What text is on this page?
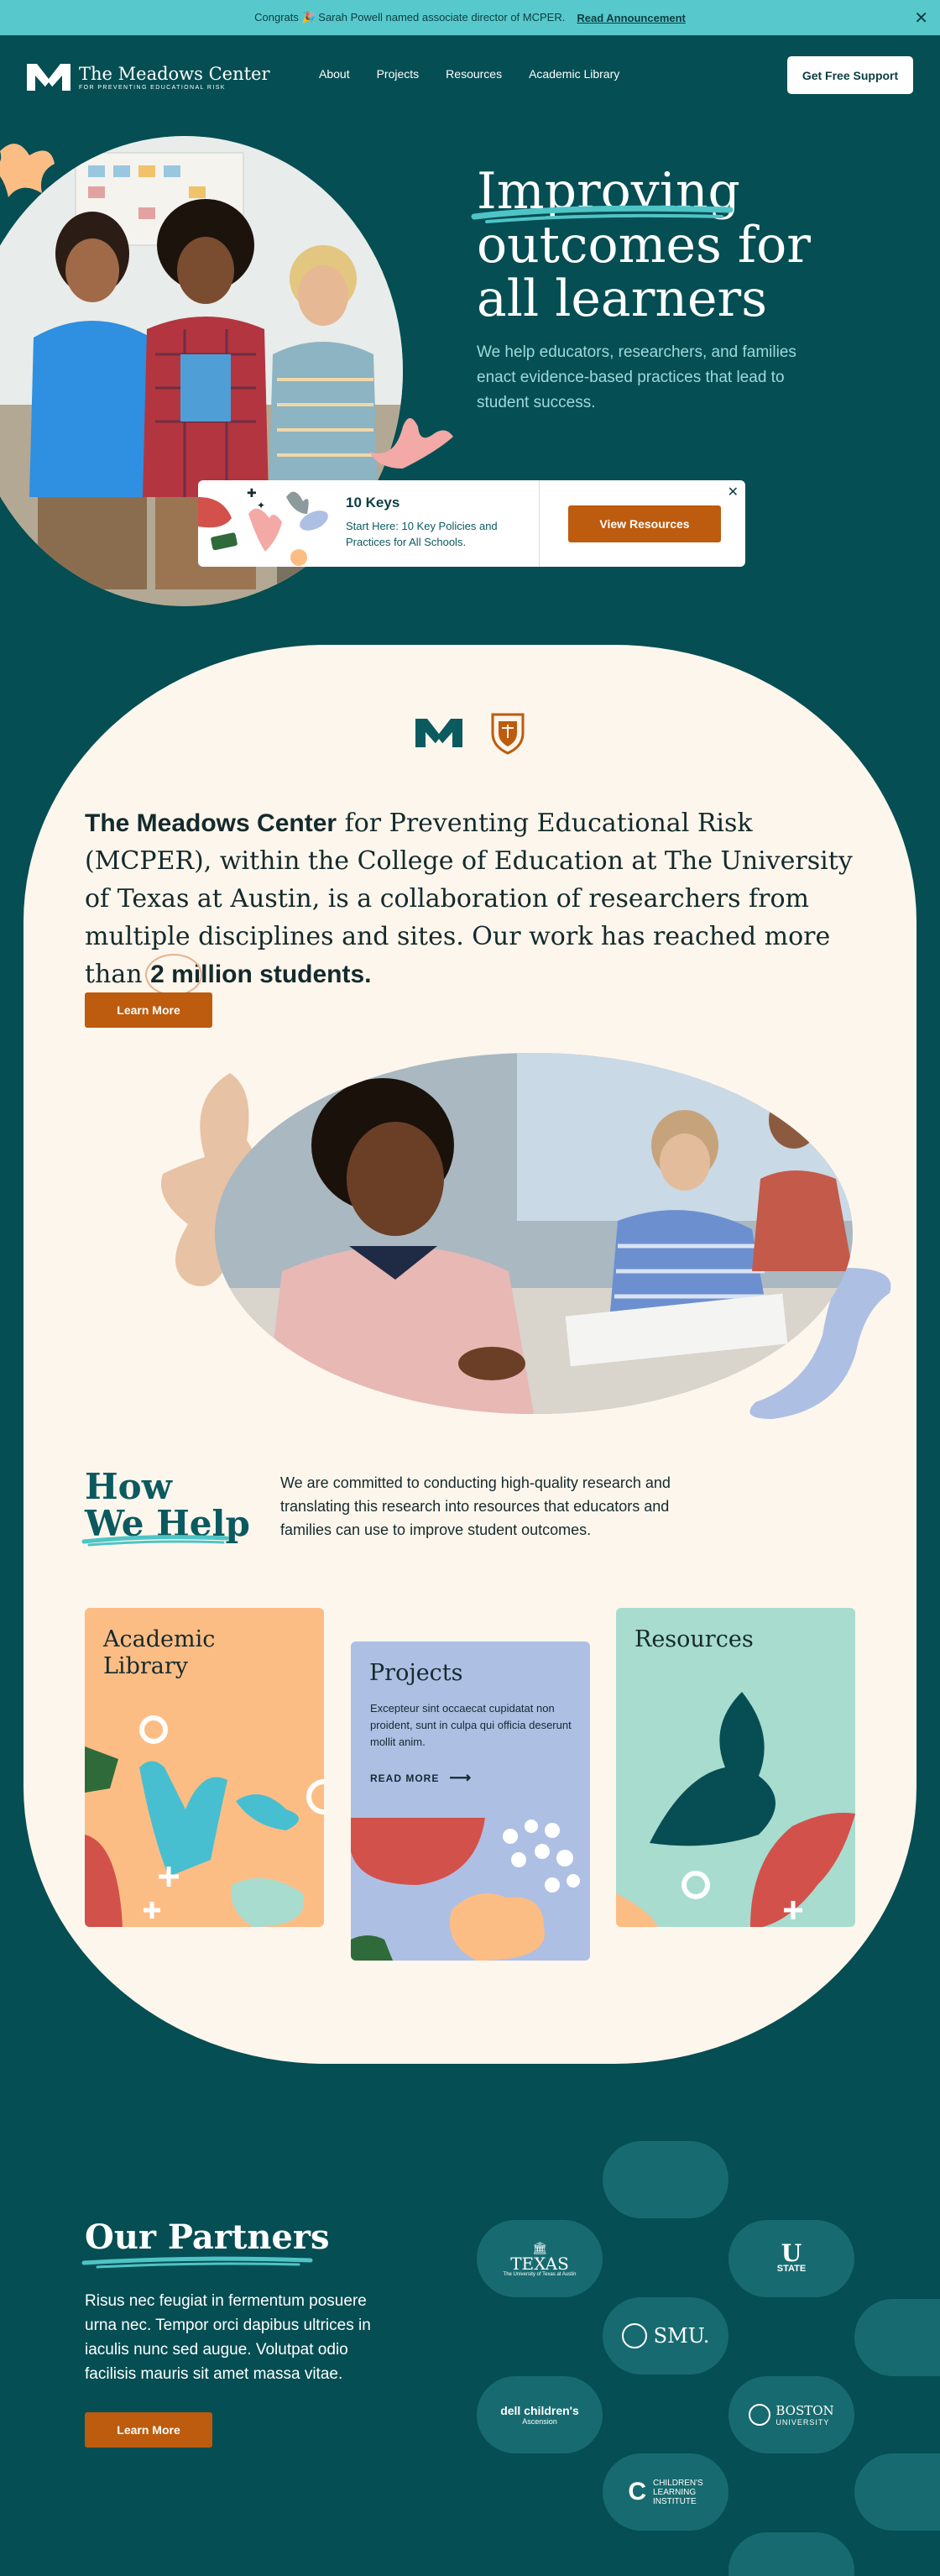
Congrats 🎉 Sarah Powell named associate director of MCPER. Read Announcement	✕
The Meadows Center
FOR PREVENTING EDUCATIONAL RISK
About Projects Resources Academic Library	Get Free Support
Improving
outcomes for
all learners

We help educators, researchers, and families enact evidence-based practices that lead to student success.

✚
✦	10 Keys
Start Here: 10 Key Policies and Practices for All Schools.
View Resources
✕

The Meadows Center for Preventing Educational Risk (MCPER), within the College of Education at The University of Texas at Austin, is a collaboration of researchers from multiple disciplines and sites. Our work has reached more than 2 million students.

Learn More
How
We Help

We are committed to conducting high-quality research and translating this research into resources that educators and families can use to improve student outcomes.

Academic
Library	Projects

Excepteur sint occaecat cupidatat non proident, sunt in culpa qui officia deserunt mollit anim.

READ MORE ⟶
Resources
Our Partners

Risus nec feugiat in fermentum posuere urna nec. Tempor orci dapibus ultrices in iaculis nunc sed augue. Volutpat odio facilisis mauris sit amet massa vitae.

Learn More
🏛
TEXAS
The University of Texas at Austin
U
STATE
SMU.
dell children's
Ascension
BOSTON
UNIVERSITY
C CHILDREN'S
LEARNING
INSTITUTE
